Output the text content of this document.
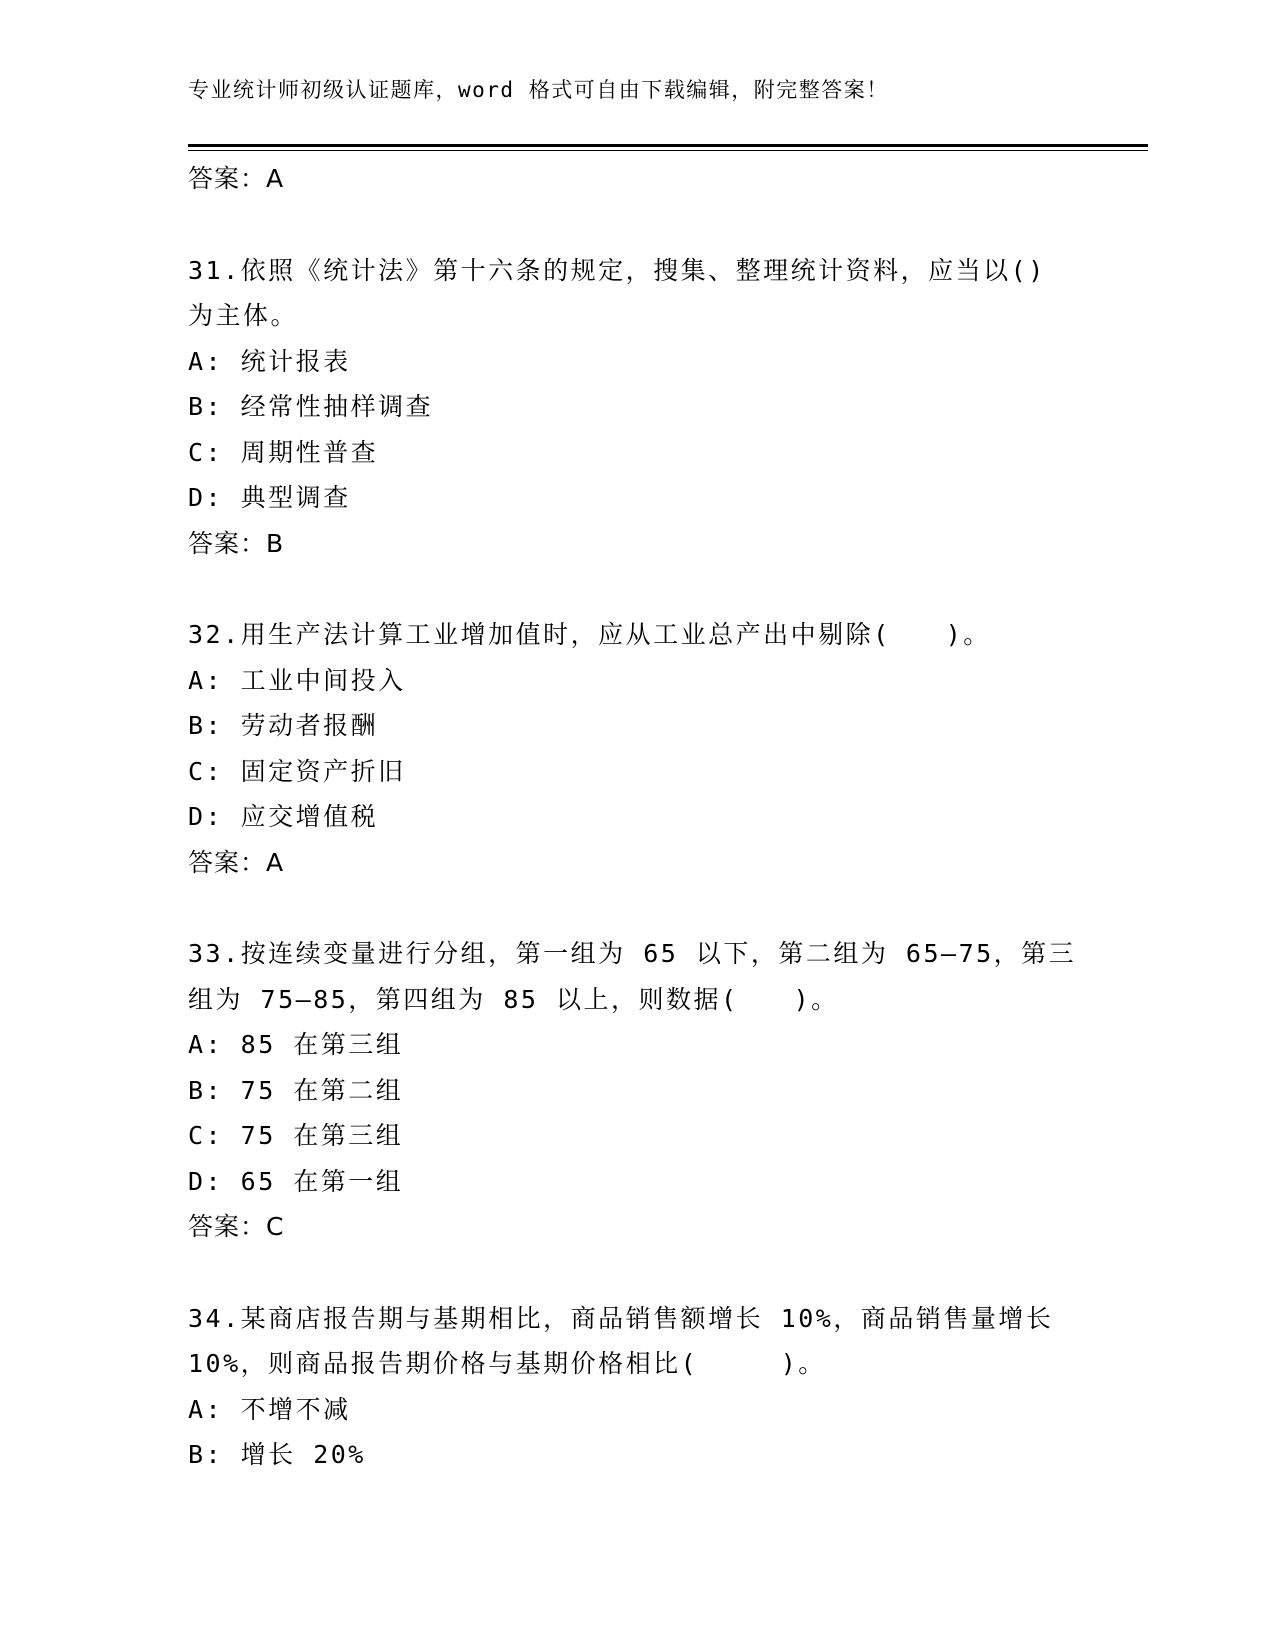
专业统计师初级认证题库，word 格式可自由下载编辑，附完整答案！
答案：A
31.依照《统计法》第十六条的规定，搜集、整理统计资料，应当以()
为主体。
A: 统计报表
B: 经常性抽样调查
C: 周期性普查
D: 典型调查
答案：B
32.用生产法计算工业增加值时，应从工业总产出中剔除(　　)。
A: 工业中间投入
B: 劳动者报酬
C: 固定资产折旧
D: 应交增值税
答案：A
33.按连续变量进行分组，第一组为 65 以下，第二组为 65—75，第三
组为 75—85，第四组为 85 以上，则数据(　　)。
A: 85 在第三组
B: 75 在第二组
C: 75 在第三组
D: 65 在第一组
答案：C
34.某商店报告期与基期相比，商品销售额增长 10%，商品销售量增长
10%，则商品报告期价格与基期价格相比(　　　)。
A: 不增不减
B: 增长 20%
